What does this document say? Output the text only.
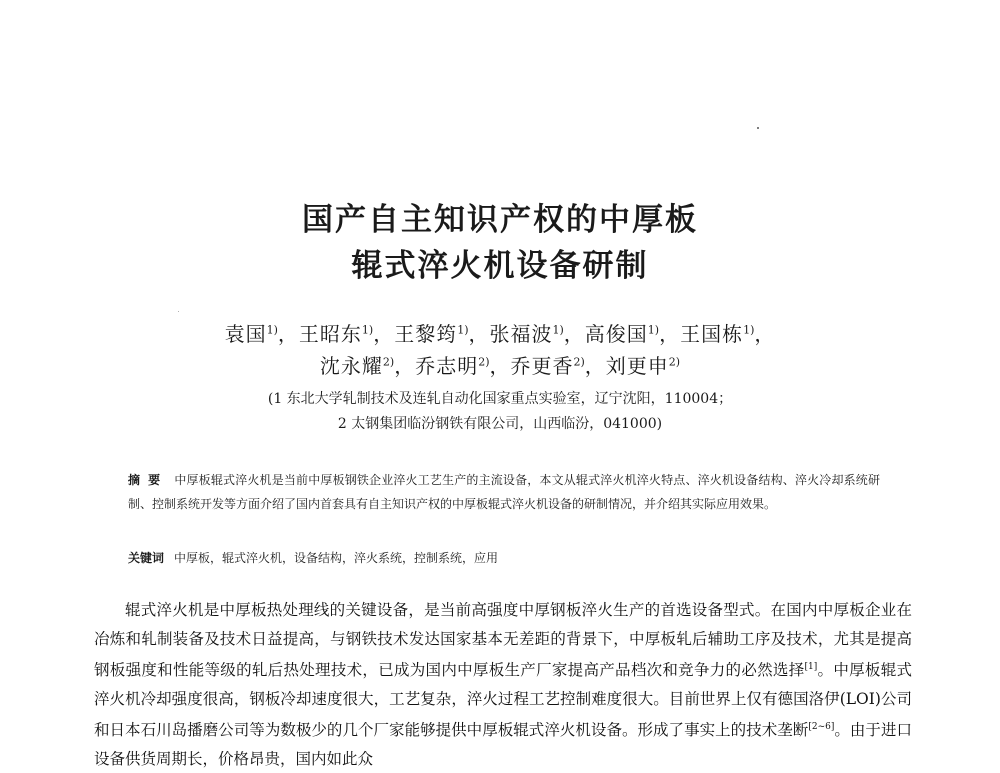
国产自主知识产权的中厚板
辊式淬火机设备研制
袁国$^{1)}$，王昭东$^{1)}$，王黎筠$^{1)}$，张福波$^{1)}$，高俊国$^{1)}$，王国栋$^{1)}$，
沈永耀$^{2)}$，乔志明$^{2)}$，乔更香$^{2)}$，刘更申$^{2)}$
(1 东北大学轧制技术及连轧自动化国家重点实验室，辽宁沈阳，110004；
2 太钢集团临汾钢铁有限公司，山西临汾，041000)
摘要 中厚板辊式淬火机是当前中厚板钢铁企业淬火工艺生产的主流设备，本文从辊式淬火机淬火特点、淬火机设备结构、淬火冷却系统研制、控制系统开发等方面介绍了国内首套具有自主知识产权的中厚板辊式淬火机设备的研制情况，并介绍其实际应用效果。
关键词 中厚板，辊式淬火机，设备结构，淬火系统，控制系统，应用
辊式淬火机是中厚板热处理线的关键设备，是当前高强度中厚钢板淬火生产的首选设备型式。在国内中厚板企业在冶炼和轧制装备及技术日益提高，与钢铁技术发达国家基本无差距的背景下，中厚板轧后辅助工序及技术，尤其是提高钢板强度和性能等级的轧后热处理技术，已成为国内中厚板生产厂家提高产品档次和竞争力的必然选择[1]。中厚板辊式淬火机冷却强度很高，钢板冷却速度很大，工艺复杂，淬火过程工艺控制难度很大。目前世界上仅有德国洛伊(LOI)公司和日本石川岛播磨公司等为数极少的几个厂家能够提供中厚板辊式淬火机设备。形成了事实上的技术垄断[2~6]。由于进口设备供货周期长，价格昂贵，国内如此众
